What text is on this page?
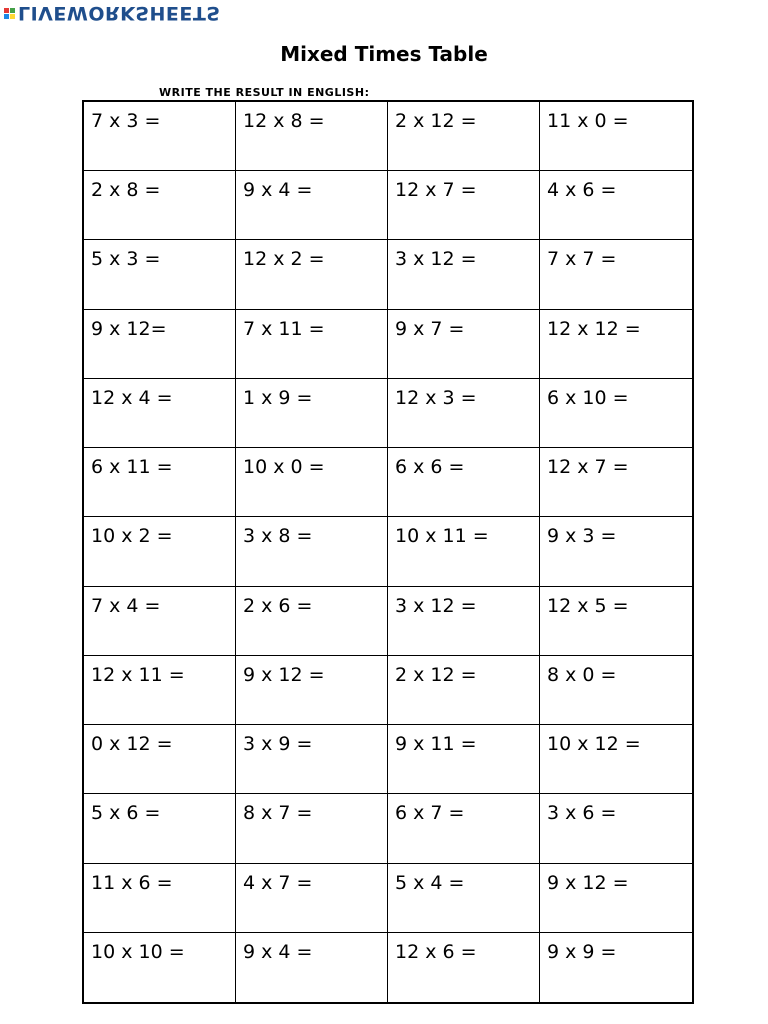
LIVEWORKSHEETS
Mixed Times Table
WRITE THE RESULT IN ENGLISH:
7 x 3 =	12 x 8 =	2 x 12 =	11 x 0 =
2 x 8 =	9 x 4 =	12 x 7 =	4 x 6 =
5 x 3 =	12 x 2 =	3 x 12 =	7 x 7 =
9 x 12=	7 x 11 =	9 x 7 =	12 x 12 =
12 x 4 =	1 x 9 =	12 x 3 =	6 x 10 =
6 x 11 =	10 x 0 =	6 x 6 =	12 x 7 =
10 x 2 =	3 x 8 =	10 x 11 =	9 x 3 =
7 x 4 =	2 x 6 =	3 x 12 =	12 x 5 =
12 x 11 =	9 x 12 =	2 x 12 =	8 x 0 =
0 x 12 =	3 x 9 =	9 x 11 =	10 x 12 =
5 x 6 =	8 x 7 =	6 x 7 =	3 x 6 =
11 x 6 =	4 x 7 =	5 x 4 =	9 x 12 =
10 x 10 =	9 x 4 =	12 x 6 =	9 x 9 =
